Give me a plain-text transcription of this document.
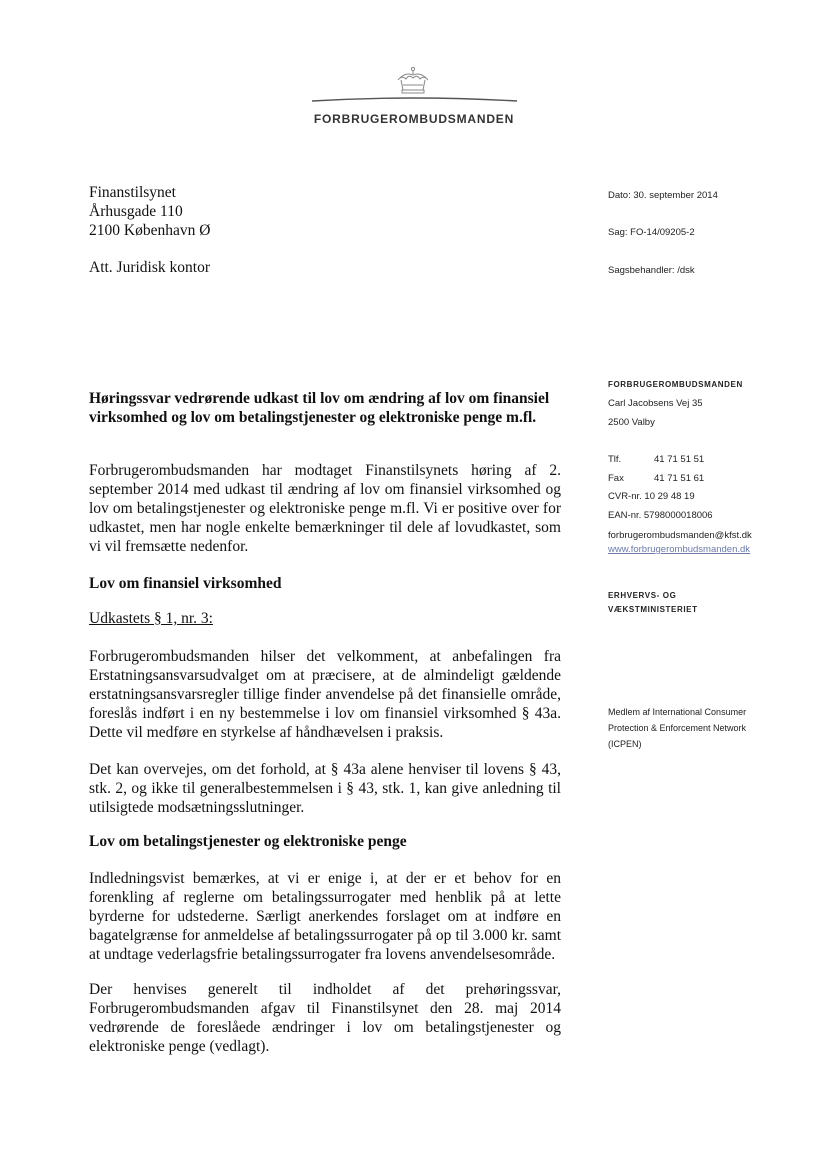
FORBRUGEROMBUDSMANDEN
Finanstilsynet
Århusgade 110
2100 København Ø
Att. Juridisk kontor
Dato: 30. september 2014
Sag: FO-14/09205-2
Sagsbehandler: /dsk
FORBRUGEROMBUDSMANDEN
Carl Jacobsens Vej 35
2500 Valby
Tlf.	41 71 51 51
Fax	41 71 51 61
CVR-nr. 10 29 48 19
EAN-nr. 5798000018006
forbrugerombudsmanden@kfst.dk
www.forbrugerombudsmanden.dk
ERHVERVS- OG
VÆKSTMINISTERIET
Medlem af International Consumer
Protection & Enforcement Network
(ICPEN)
Høringssvar vedrørende udkast til lov om ændring af lov om finansiel virksomhed og lov om betalingstjenester og elektroniske penge m.fl.
Forbrugerombudsmanden har modtaget Finanstilsynets høring af 2. september 2014 med udkast til ændring af lov om finansiel virksomhed og lov om betalingstjenester og elektroniske penge m.fl. Vi er positive over for udkastet, men har nogle enkelte bemærkninger til dele af lovudkastet, som vi vil fremsætte nedenfor.
Lov om finansiel virksomhed
Udkastets § 1, nr. 3:
Forbrugerombudsmanden hilser det velkomment, at anbefalingen fra Erstatningsansvarsudvalget om at præcisere, at de almindeligt gældende erstatningsansvarsregler tillige finder anvendelse på det finansielle område, foreslås indført i en ny bestemmelse i lov om finansiel virksomhed § 43a. Dette vil medføre en styrkelse af håndhævelsen i praksis.
Det kan overvejes, om det forhold, at § 43a alene henviser til lovens § 43, stk. 2, og ikke til generalbestemmelsen i § 43, stk. 1, kan give anledning til utilsigtede modsætningsslutninger.
Lov om betalingstjenester og elektroniske penge
Indledningsvist bemærkes, at vi er enige i, at der er et behov for en forenkling af reglerne om betalingssurrogater med henblik på at lette byrderne for udstederne. Særligt anerkendes forslaget om at indføre en bagatelgrænse for anmeldelse af betalingssurrogater på op til 3.000 kr. samt at undtage vederlagsfrie betalingssurrogater fra lovens anvendelsesområde.
Der henvises generelt til indholdet af det prehøringssvar, Forbrugerombudsmanden afgav til Finanstilsynet den 28. maj 2014 vedrørende de foreslåede ændringer i lov om betalingstjenester og elektroniske penge (vedlagt).
